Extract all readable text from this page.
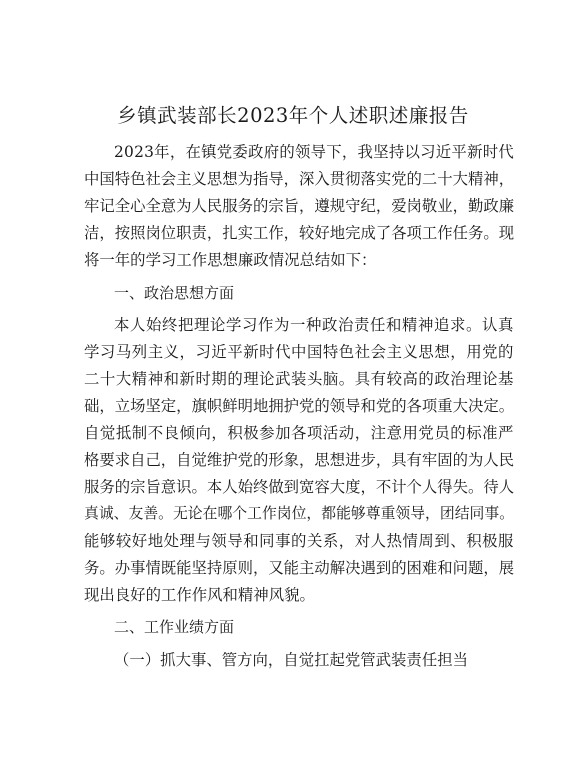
乡镇武装部长2023年个人述职述廉报告
2023年，在镇党委政府的领导下，我坚持以习近平新时代
中国特色社会主义思想为指导，深入贯彻落实党的二十大精神，
牢记全心全意为人民服务的宗旨，遵规守纪，爱岗敬业，勤政廉
洁，按照岗位职责，扎实工作，较好地完成了各项工作任务。现
将一年的学习工作思想廉政情况总结如下：
一、政治思想方面
本人始终把理论学习作为一种政治责任和精神追求。认真
学习马列主义，习近平新时代中国特色社会主义思想，用党的
二十大精神和新时期的理论武装头脑。具有较高的政治理论基
础，立场坚定，旗帜鲜明地拥护党的领导和党的各项重大决定。
自觉抵制不良倾向，积极参加各项活动，注意用党员的标准严
格要求自己，自觉维护党的形象，思想进步，具有牢固的为人民
服务的宗旨意识。本人始终做到宽容大度，不计个人得失。待人
真诚、友善。无论在哪个工作岗位，都能够尊重领导，团结同事。
能够较好地处理与领导和同事的关系，对人热情周到、积极服
务。办事情既能坚持原则，又能主动解决遇到的困难和问题，展
现出良好的工作作风和精神风貌。
二、工作业绩方面
（一）抓大事、管方向，自觉扛起党管武装责任担当
